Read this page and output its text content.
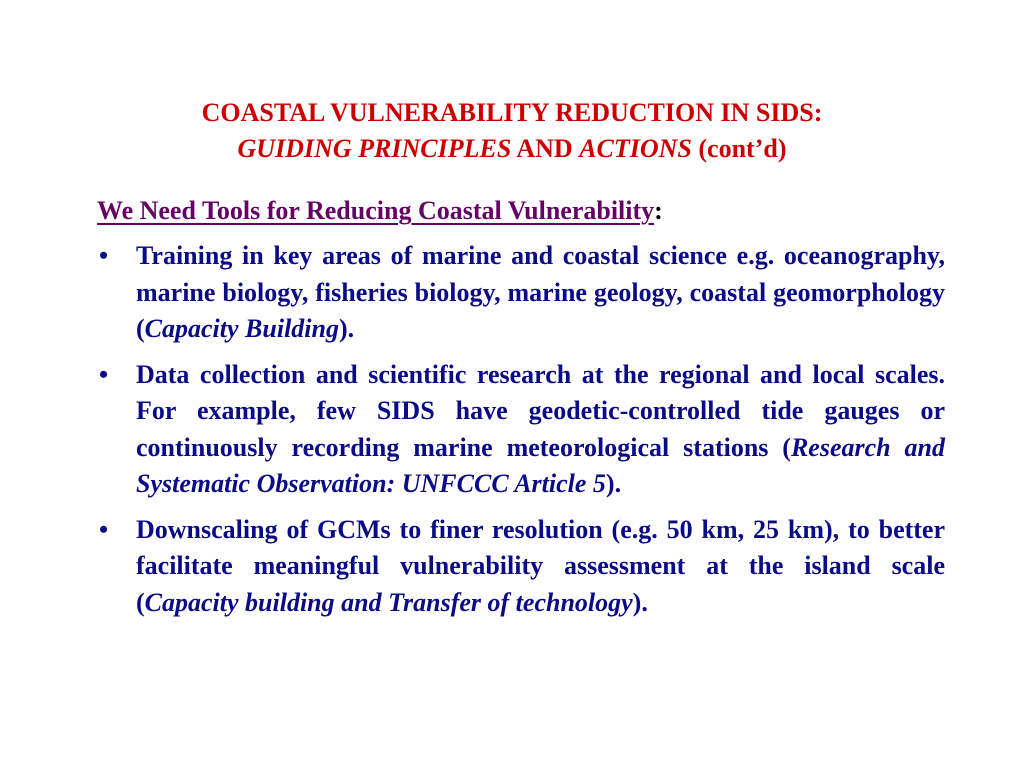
COASTAL VULNERABILITY REDUCTION IN SIDS:
GUIDING PRINCIPLES AND ACTIONS (cont’d)
We Need Tools for Reducing Coastal Vulnerability:
• Training in key areas of marine and coastal science e.g. oceanography, marine biology, fisheries biology, marine geology, coastal geomorphology (Capacity Building).
• Data collection and scientific research at the regional and local scales. For example, few SIDS have geodetic-controlled tide gauges or continuously recording marine meteorological stations (Research and Systematic Observation: UNFCCC Article 5).
• Downscaling of GCMs to finer resolution (e.g. 50 km, 25 km), to better facilitate meaningful vulnerability assessment at the island scale (Capacity building and Transfer of technology).
